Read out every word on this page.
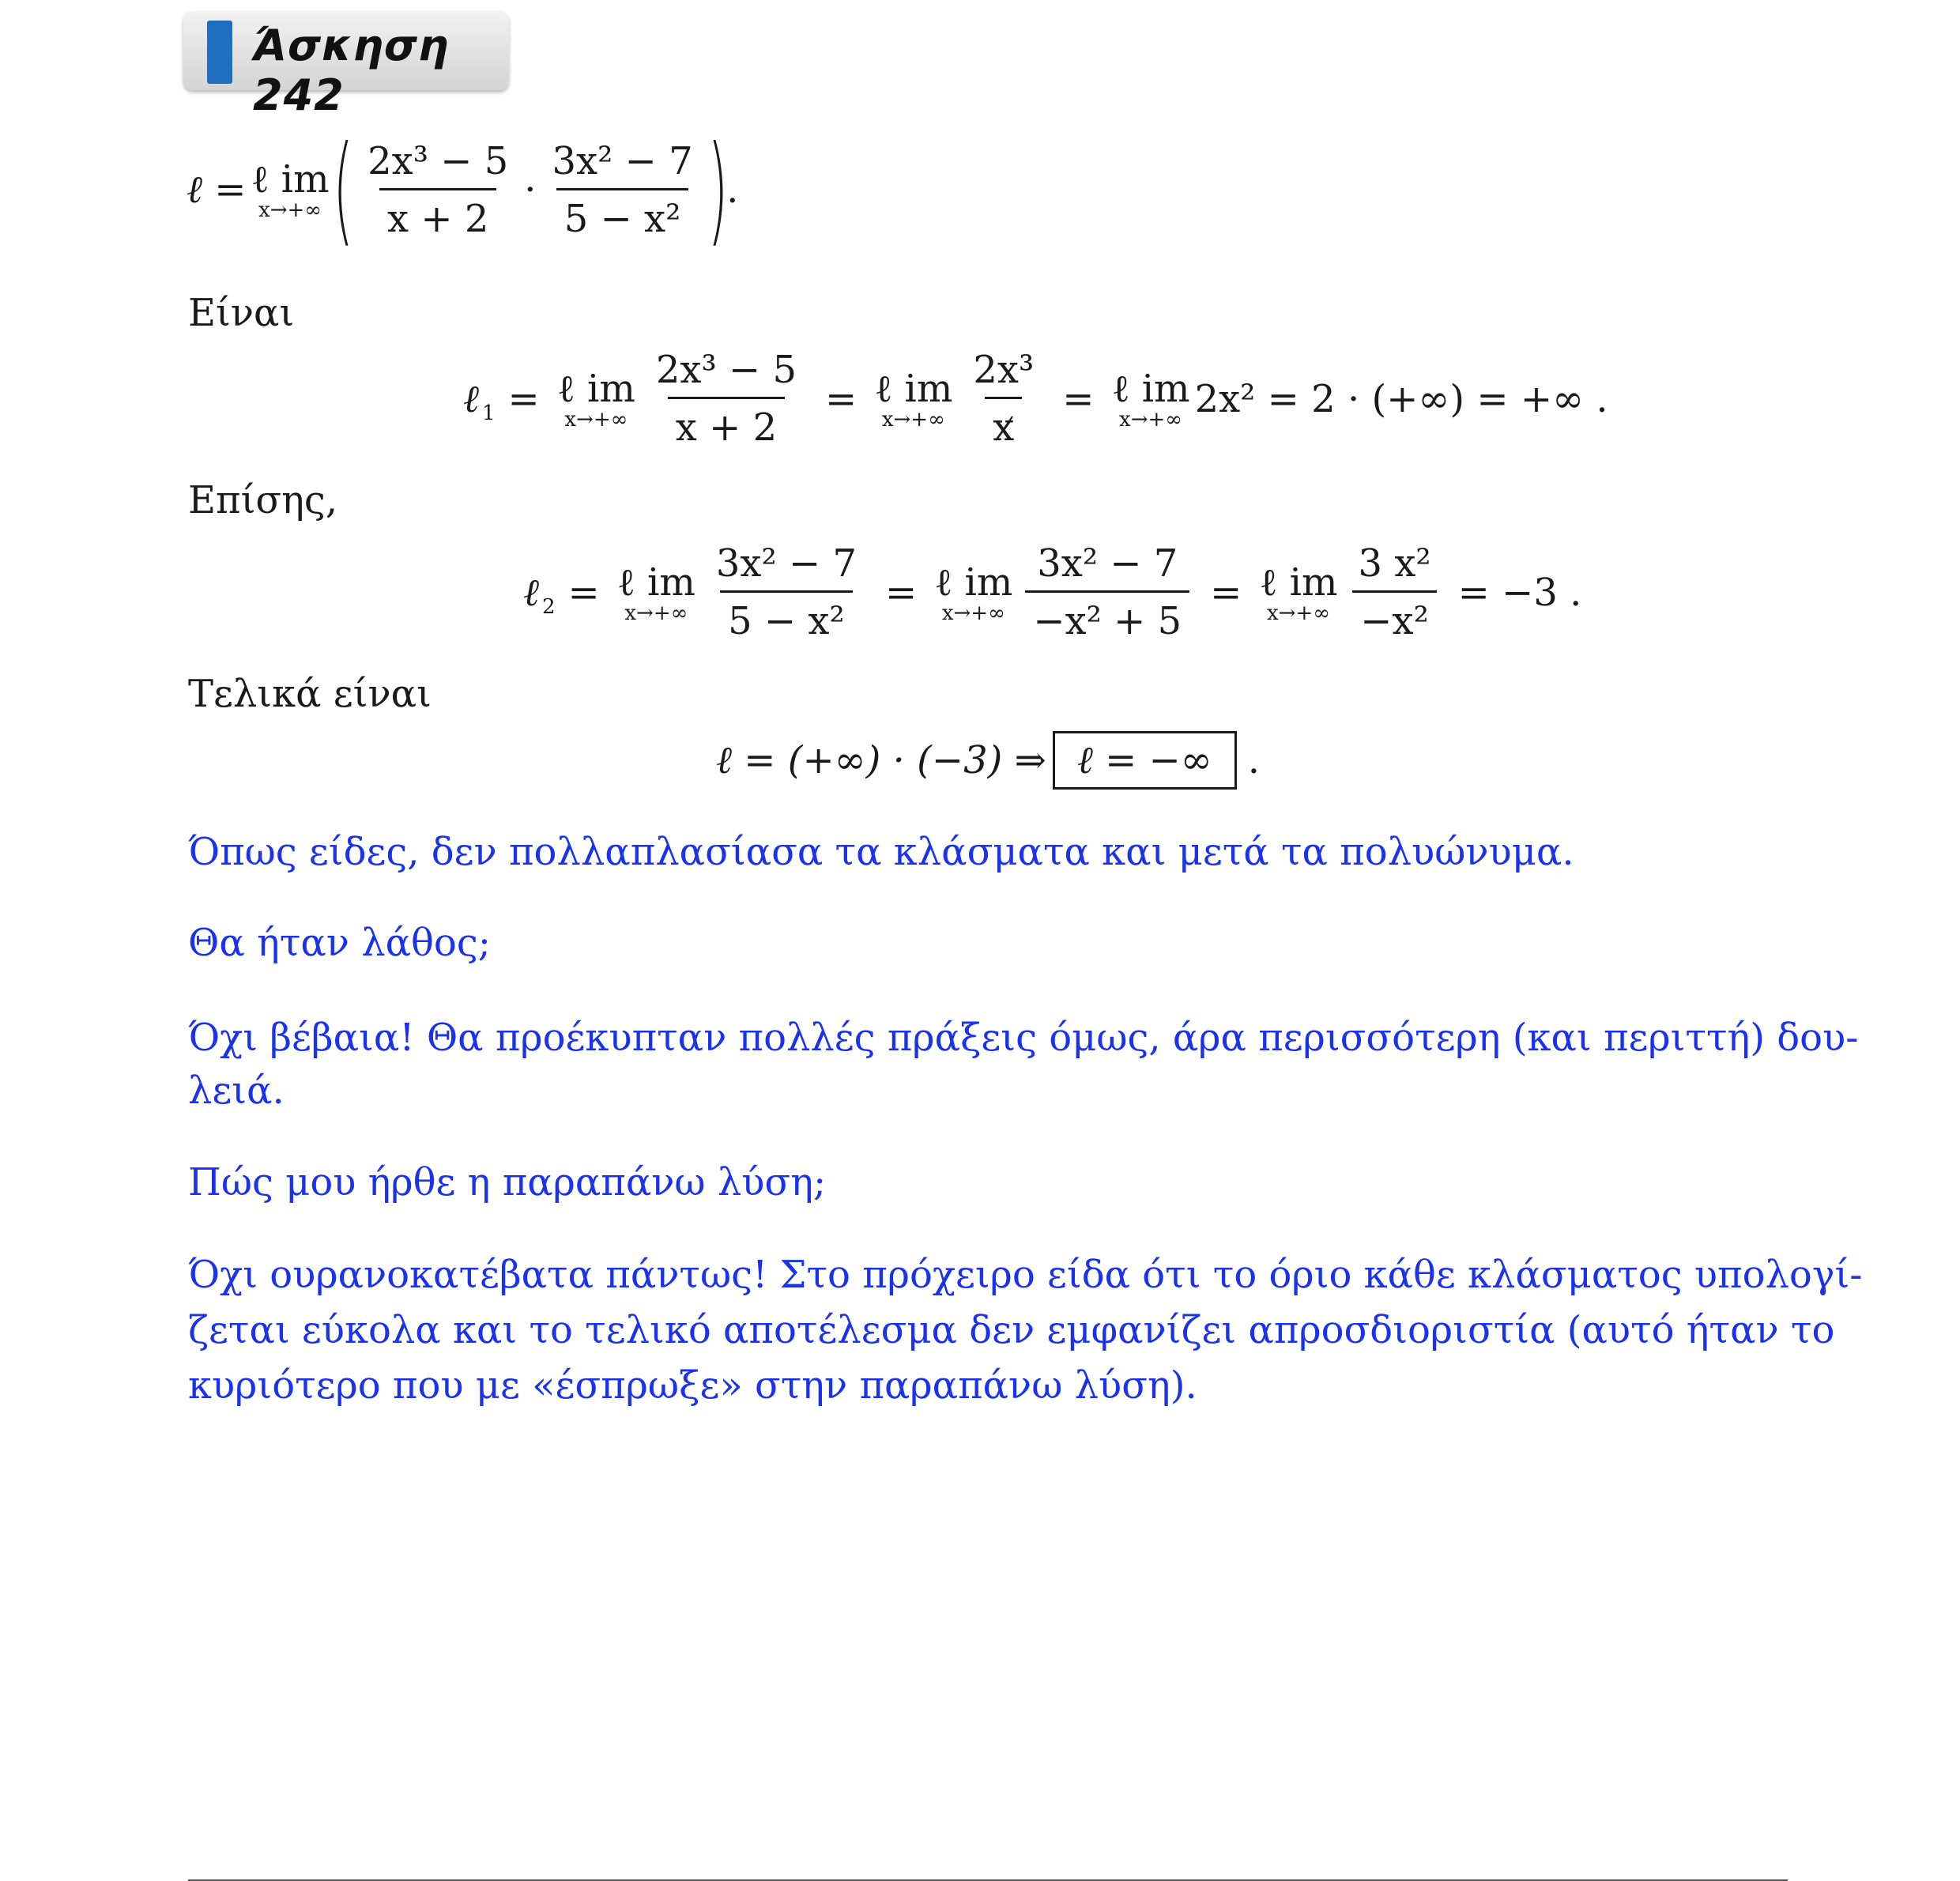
Άσκηση 242
ℓ = ℓ im
x→+∞ ( $\frac{\text{2x³ − 5}}{x + 2} \cdot \frac{\text{3x² − 7}}{\text{5 − x²}}$ )
.
Είναι
ℓ 1 = ℓ im
$x\to+\infty \frac{\text{2x³ − 5}}{x + 2}$ = ℓ im
$x\to+\infty \frac{\text{2x³}}{x}$ = ℓ im
x→+∞ 2x² = 2 · (+∞) = +∞ .
Επίσης,
ℓ 2 = ℓ im
$x\to+\infty \frac{\text{3x² − 7}}{\text{5 − x²}}$ = ℓ im
$x\to+\infty \frac{\text{3x² − 7}}{\text{−x² + 5}}$ = ℓ im
$x\to+\infty \frac{\text{3 x²}}{\text{−x²}} = -3$ .
Τελικά είναι
ℓ = (+∞) · (−3) ⇒ ℓ = −∞ .
Όπως είδες, δεν πολλαπλασίασα τα κλάσματα και μετά τα πολυώνυμα.
Θα ήταν λάθος;
Όχι βέβαια! Θα προέκυπταν πολλές πράξεις όμως, άρα περισσότερη (και περιττή) δου-
λειά.
Πώς μου ήρθε η παραπάνω λύση;
Όχι ουρανοκατέβατα πάντως! Στο πρόχειρο είδα ότι το όριο κάθε κλάσματος υπολογί-
ζεται εύκολα και το τελικό αποτέλεσμα δεν εμφανίζει απροσδιοριστία (αυτό ήταν το
κυριότερο που με «έσπρωξε» στην παραπάνω λύση).
